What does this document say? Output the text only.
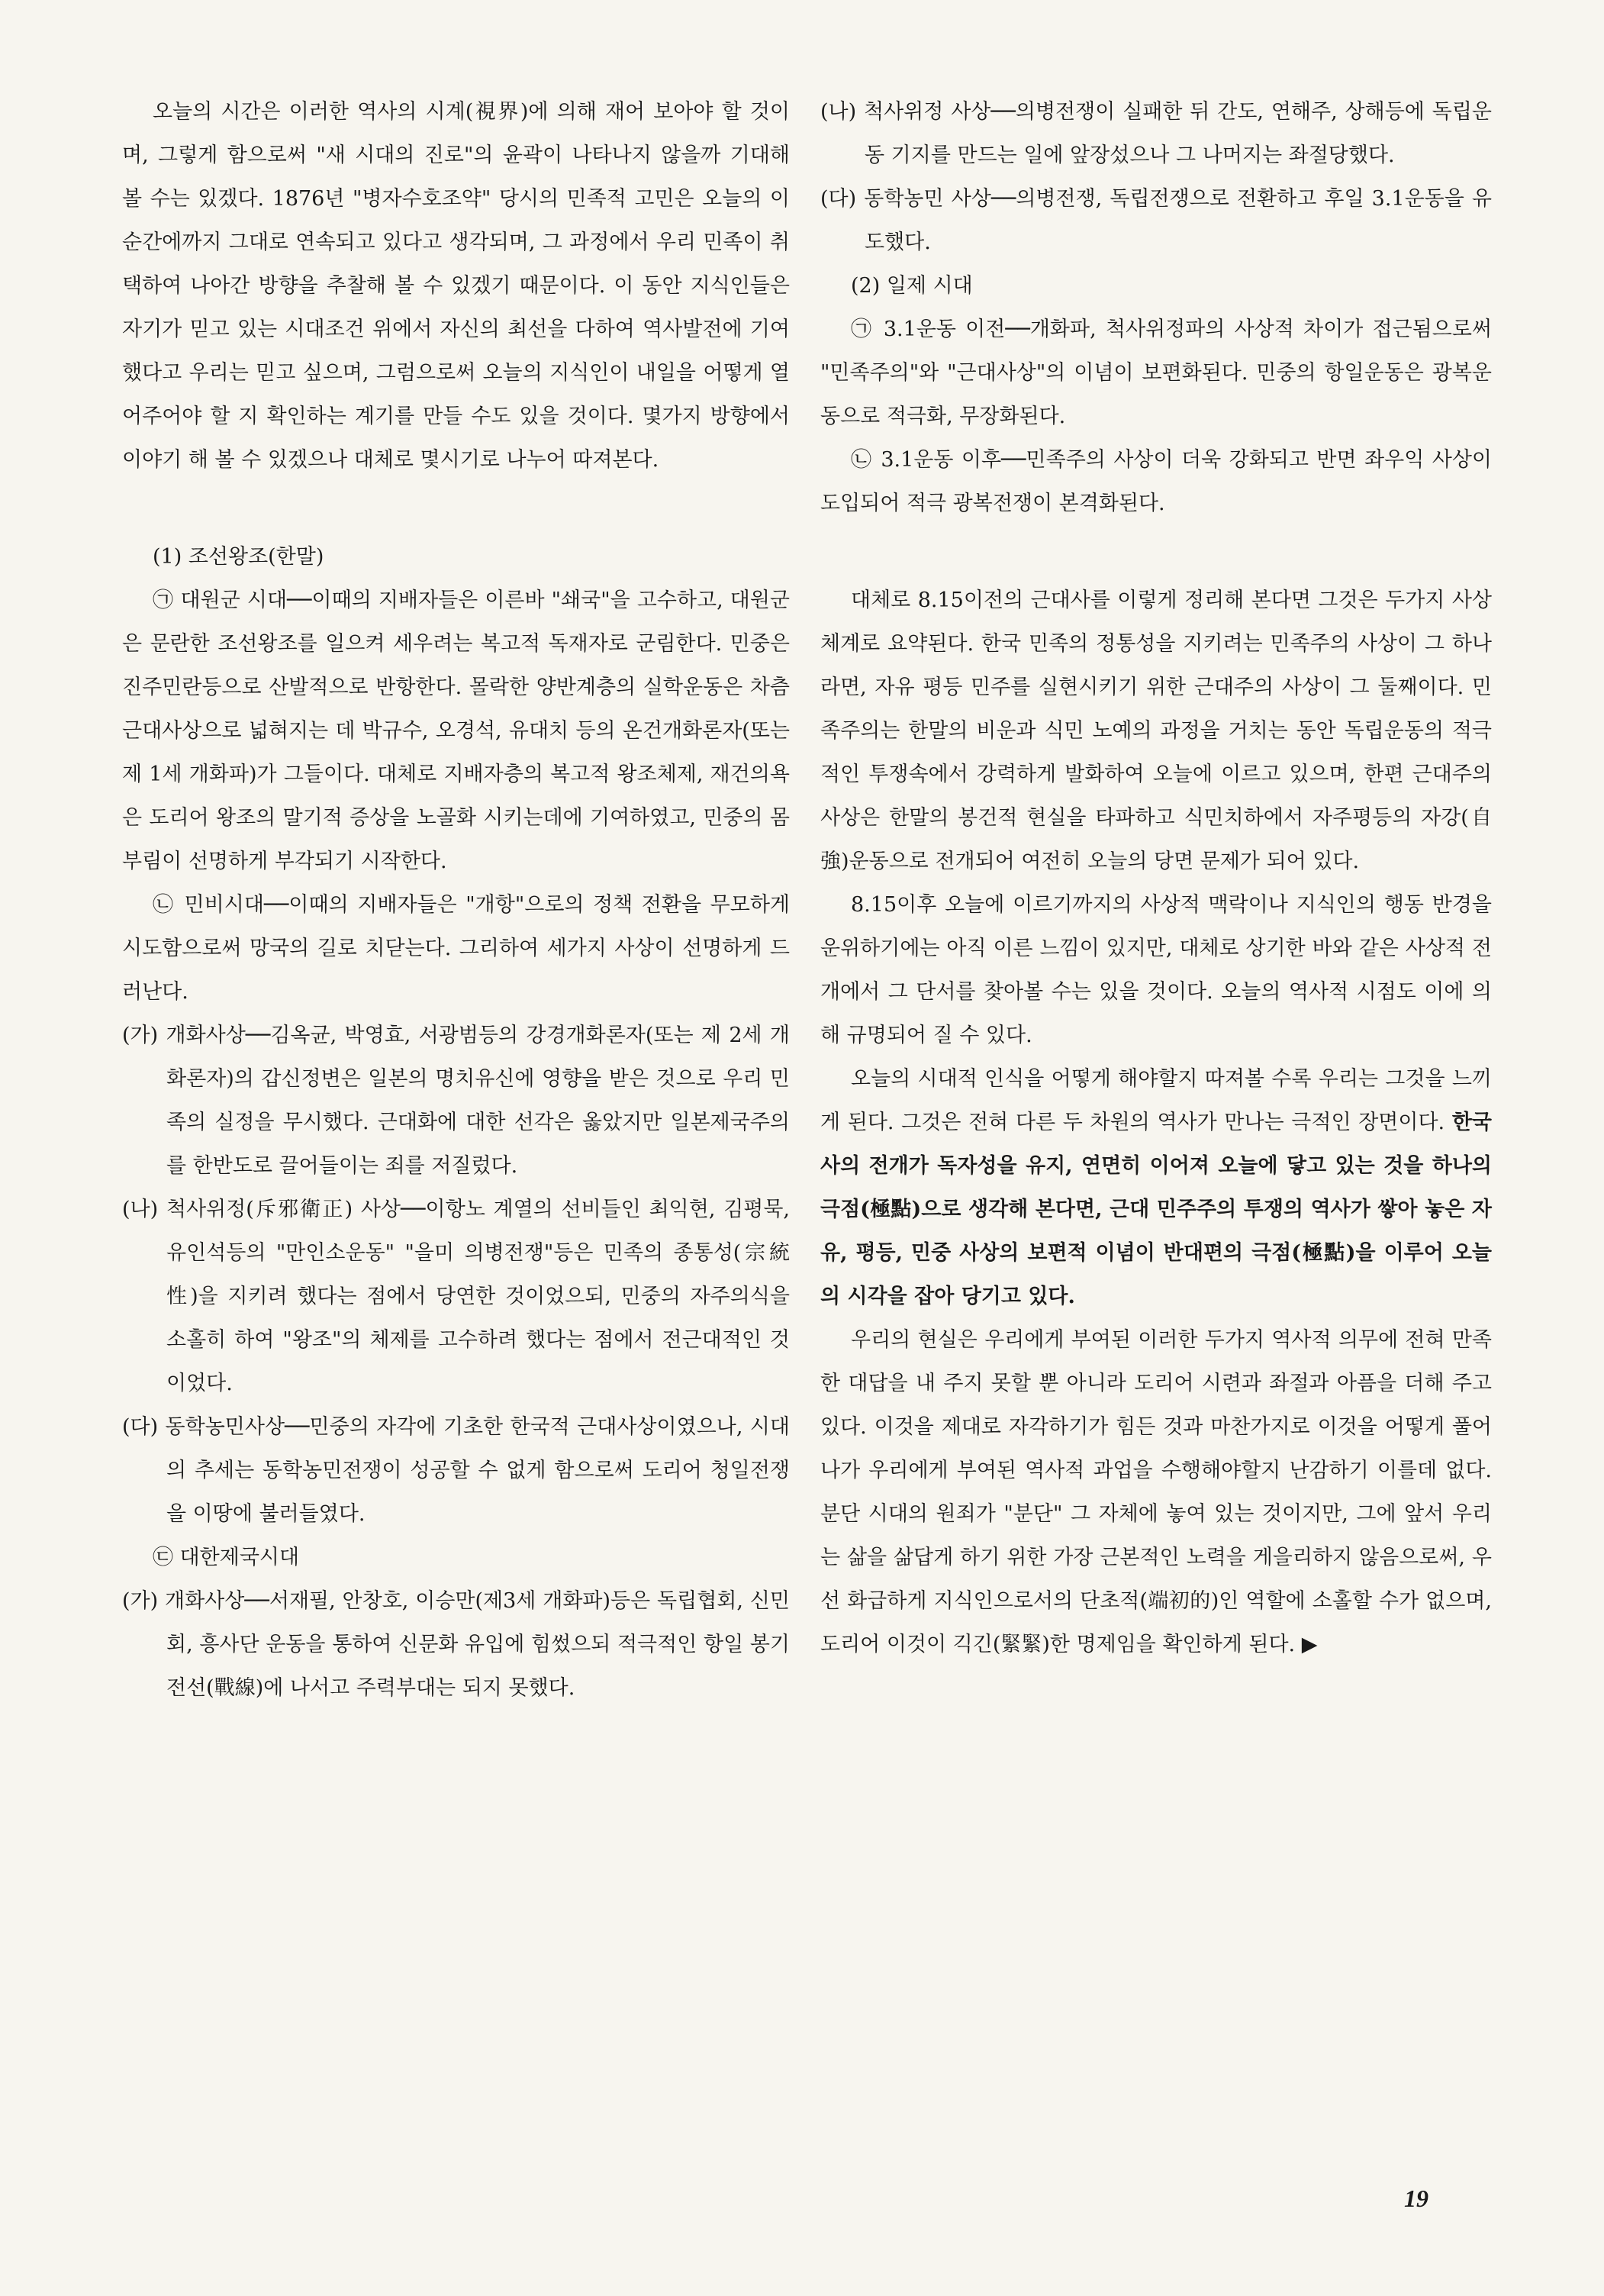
오늘의 시간은 이러한 역사의 시계(視界)에 의해 재어 보아야 할 것이며, 그렇게 함으로써 "새 시대의 진로"의 윤곽이 나타나지 않을까 기대해 볼 수는 있겠다. 1876년 "병자수호조약" 당시의 민족적 고민은 오늘의 이 순간에까지 그대로 연속되고 있다고 생각되며, 그 과정에서 우리 민족이 취택하여 나아간 방향을 추찰해 볼 수 있겠기 때문이다. 이 동안 지식인들은 자기가 믿고 있는 시대조건 위에서 자신의 최선을 다하여 역사발전에 기여했다고 우리는 믿고 싶으며, 그럼으로써 오늘의 지식인이 내일을 어떻게 열어주어야 할 지 확인하는 계기를 만들 수도 있을 것이다. 몇가지 방향에서 이야기 해 볼 수 있겠으나 대체로 몇시기로 나누어 따져본다.

(1) 조선왕조(한말)

㉠ 대원군 시대──이때의 지배자들은 이른바 "쇄국"을 고수하고, 대원군은 문란한 조선왕조를 일으켜 세우려는 복고적 독재자로 군림한다. 민중은 진주민란등으로 산발적으로 반항한다. 몰락한 양반계층의 실학운동은 차츰 근대사상으로 넓혀지는 데 박규수, 오경석, 유대치 등의 온건개화론자(또는 제 1세 개화파)가 그들이다. 대체로 지배자층의 복고적 왕조체제, 재건의욕은 도리어 왕조의 말기적 증상을 노골화 시키는데에 기여하였고, 민중의 몸부림이 선명하게 부각되기 시작한다.

㉡ 민비시대──이때의 지배자들은 "개항"으로의 정책 전환을 무모하게 시도함으로써 망국의 길로 치닫는다. 그리하여 세가지 사상이 선명하게 드러난다.

(가) 개화사상──김옥균, 박영효, 서광범등의 강경개화론자(또는 제 2세 개화론자)의 갑신정변은 일본의 명치유신에 영향을 받은 것으로 우리 민족의 실정을 무시했다. 근대화에 대한 선각은 옳았지만 일본제국주의를 한반도로 끌어들이는 죄를 저질렀다.

(나) 척사위정(斥邪衛正) 사상──이항노 계열의 선비들인 최익현, 김평묵, 유인석등의 "만인소운동" "을미 의병전쟁"등은 민족의 종통성(宗統性)을 지키려 했다는 점에서 당연한 것이었으되, 민중의 자주의식을 소홀히 하여 "왕조"의 체제를 고수하려 했다는 점에서 전근대적인 것이었다.

(다) 동학농민사상──민중의 자각에 기초한 한국적 근대사상이였으나, 시대의 추세는 동학농민전쟁이 성공할 수 없게 함으로써 도리어 청일전쟁을 이땅에 불러들였다.

㉢ 대한제국시대

(가) 개화사상──서재필, 안창호, 이승만(제3세 개화파)등은 독립협회, 신민회, 흥사단 운동을 통하여 신문화 유입에 힘썼으되 적극적인 항일 봉기 전선(戰線)에 나서고 주력부대는 되지 못했다.

(나) 척사위정 사상──의병전쟁이 실패한 뒤 간도, 연해주, 상해등에 독립운동 기지를 만드는 일에 앞장섰으나 그 나머지는 좌절당했다.

(다) 동학농민 사상──의병전쟁, 독립전쟁으로 전환하고 후일 3.1운동을 유도했다.

(2) 일제 시대

㉠ 3.1운동 이전──개화파, 척사위정파의 사상적 차이가 접근됨으로써 "민족주의"와 "근대사상"의 이념이 보편화된다. 민중의 항일운동은 광복운동으로 적극화, 무장화된다.

㉡ 3.1운동 이후──민족주의 사상이 더욱 강화되고 반면 좌우익 사상이 도입되어 적극 광복전쟁이 본격화된다.

대체로 8.15이전의 근대사를 이렇게 정리해 본다면 그것은 두가지 사상 체계로 요약된다. 한국 민족의 정통성을 지키려는 민족주의 사상이 그 하나라면, 자유 평등 민주를 실현시키기 위한 근대주의 사상이 그 둘째이다. 민족주의는 한말의 비운과 식민 노예의 과정을 거치는 동안 독립운동의 적극적인 투쟁속에서 강력하게 발화하여 오늘에 이르고 있으며, 한편 근대주의 사상은 한말의 봉건적 현실을 타파하고 식민치하에서 자주평등의 자강(自強)운동으로 전개되어 여전히 오늘의 당면 문제가 되어 있다.

8.15이후 오늘에 이르기까지의 사상적 맥락이나 지식인의 행동 반경을 운위하기에는 아직 이른 느낌이 있지만, 대체로 상기한 바와 같은 사상적 전개에서 그 단서를 찾아볼 수는 있을 것이다. 오늘의 역사적 시점도 이에 의해 규명되어 질 수 있다.

오늘의 시대적 인식을 어떻게 해야할지 따져볼 수록 우리는 그것을 느끼게 된다. 그것은 전혀 다른 두 차원의 역사가 만나는 극적인 장면이다. 한국사의 전개가 독자성을 유지, 연면히 이어져 오늘에 닿고 있는 것을 하나의 극점(極點)으로 생각해 본다면, 근대 민주주의 투쟁의 역사가 쌓아 놓은 자유, 평등, 민중 사상의 보편적 이념이 반대편의 극점(極點)을 이루어 오늘의 시각을 잡아 당기고 있다.

우리의 현실은 우리에게 부여된 이러한 두가지 역사적 의무에 전혀 만족한 대답을 내 주지 못할 뿐 아니라 도리어 시련과 좌절과 아픔을 더해 주고 있다. 이것을 제대로 자각하기가 힘든 것과 마찬가지로 이것을 어떻게 풀어나가 우리에게 부여된 역사적 과업을 수행해야할지 난감하기 이를데 없다. 분단 시대의 원죄가 "분단" 그 자체에 놓여 있는 것이지만, 그에 앞서 우리는 삶을 삶답게 하기 위한 가장 근본적인 노력을 게을리하지 않음으로써, 우선 화급하게 지식인으로서의 단초적(端初的)인 역할에 소홀할 수가 없으며, 도리어 이것이 긱긴(緊緊)한 명제임을 확인하게 된다. ▶

19
